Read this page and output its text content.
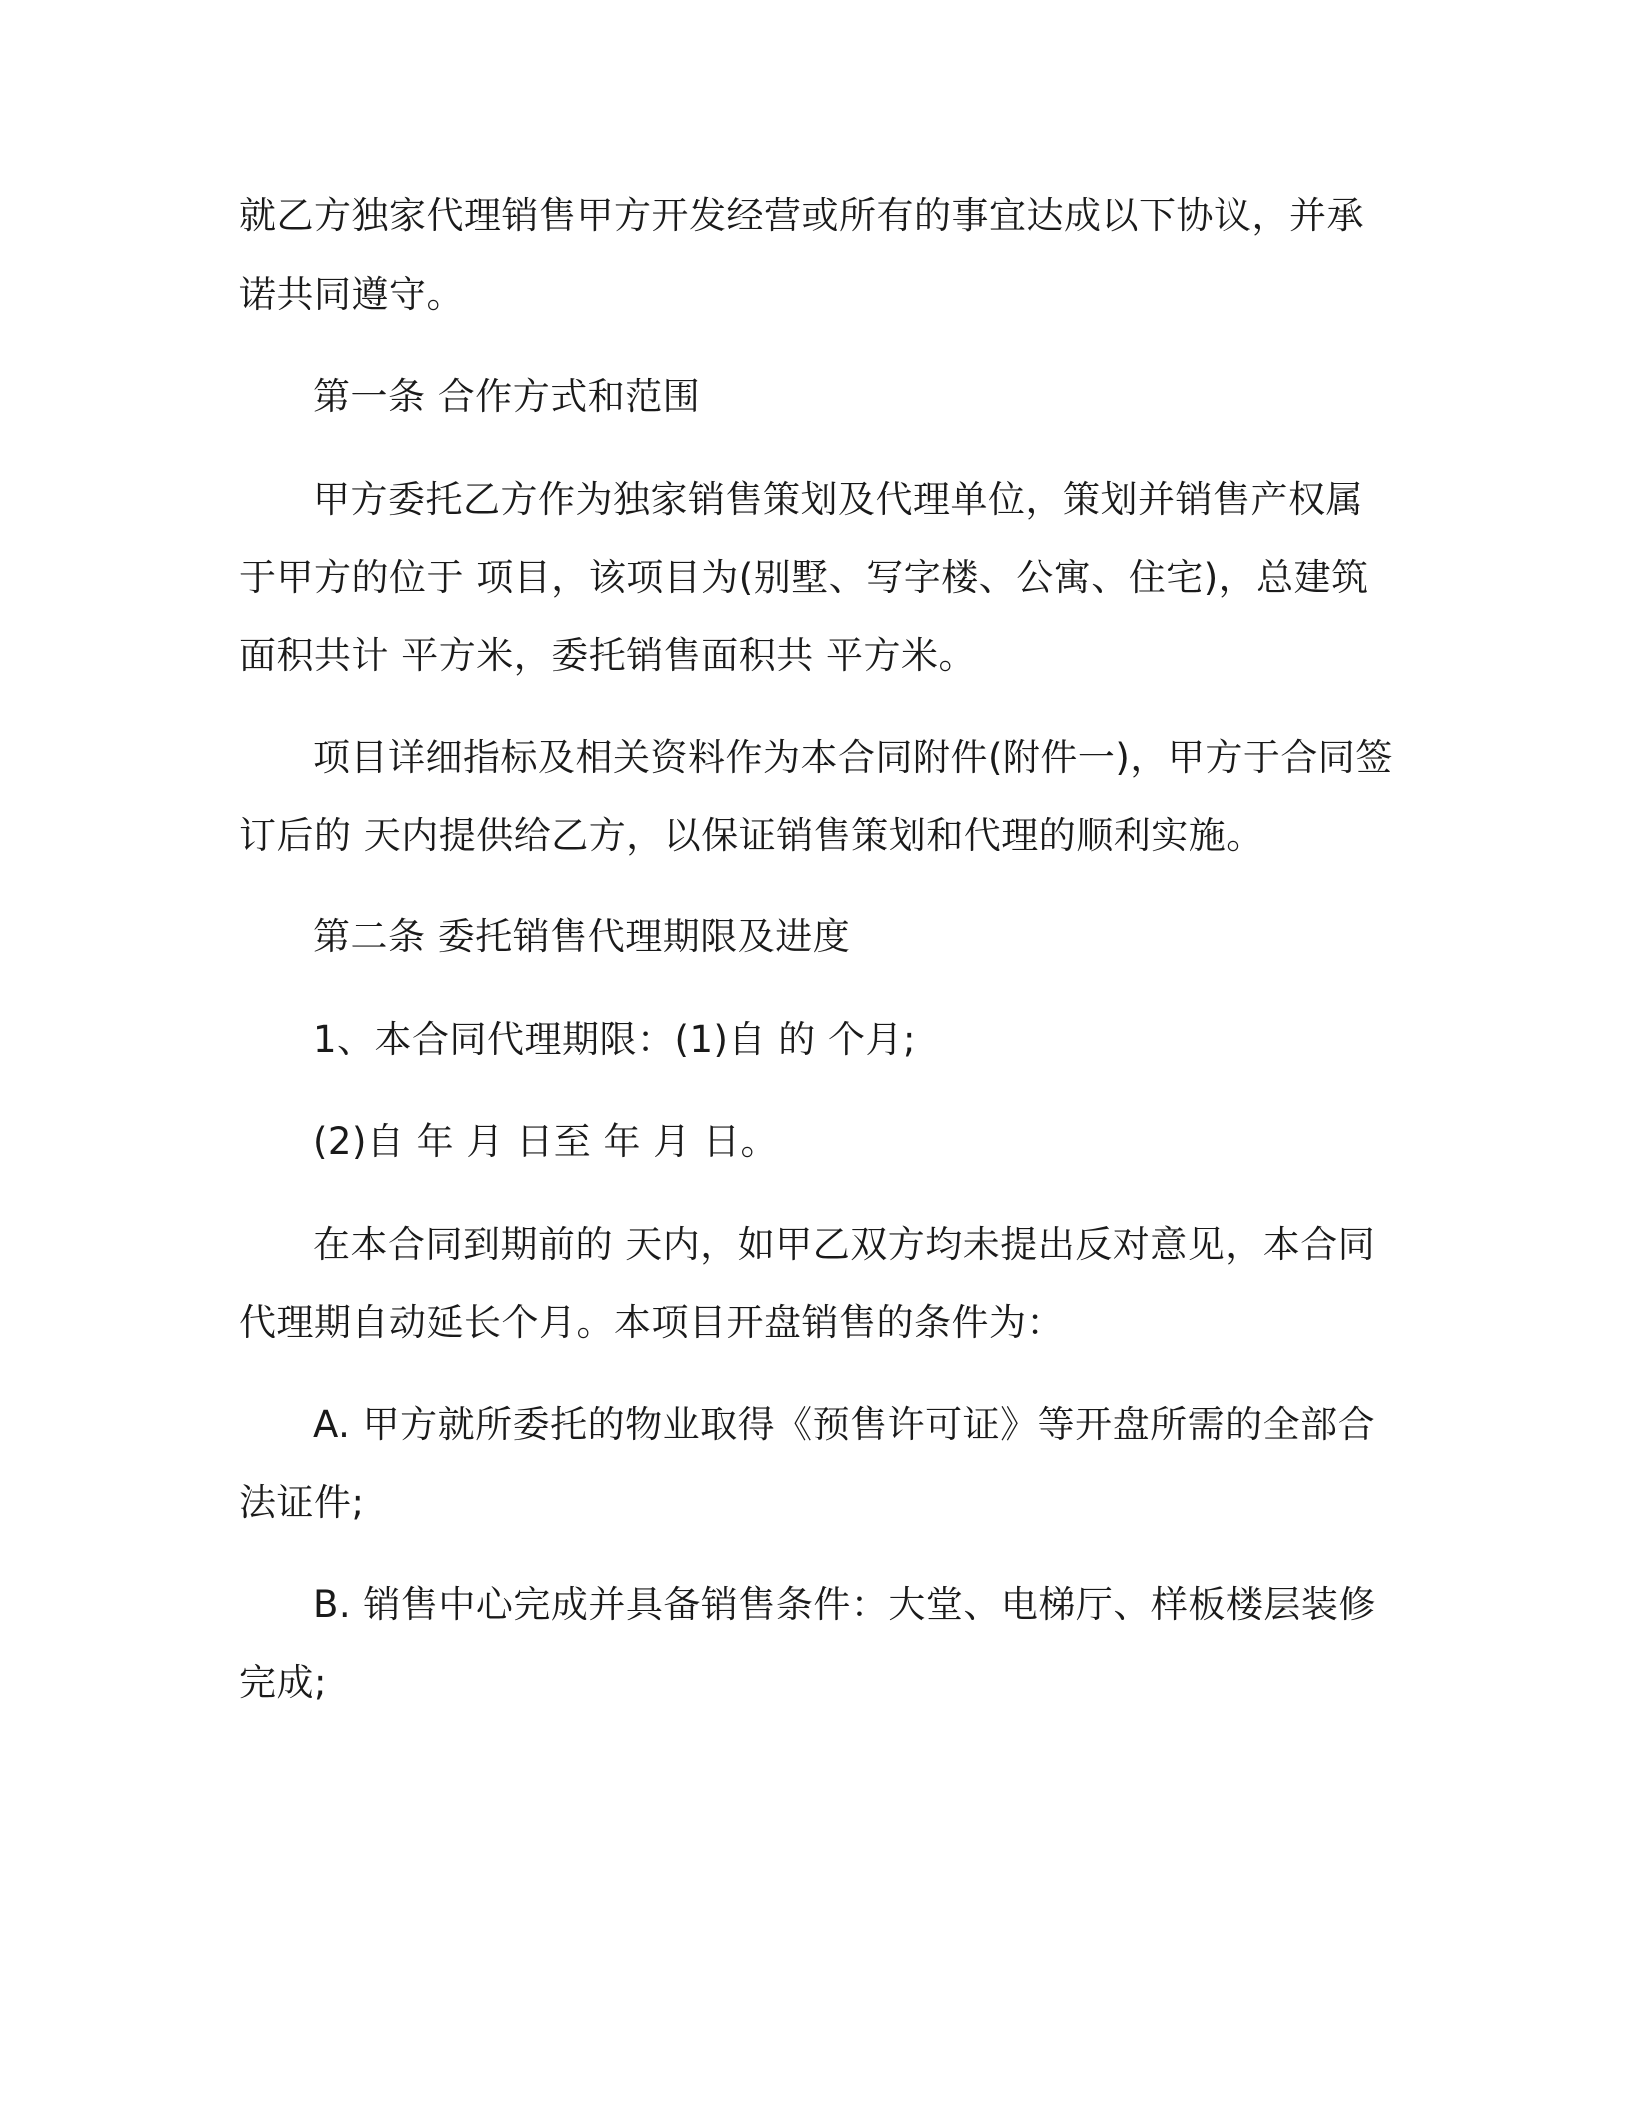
就乙方独家代理销售甲方开发经营或所有的事宜达成以下协议，并承

诺共同遵守。

第一条 合作方式和范围

甲方委托乙方作为独家销售策划及代理单位，策划并销售产权属

于甲方的位于 项目，该项目为(别墅、写字楼、公寓、住宅)，总建筑

面积共计 平方米，委托销售面积共 平方米。

项目详细指标及相关资料作为本合同附件(附件一)，甲方于合同签

订后的 天内提供给乙方，以保证销售策划和代理的顺利实施。

第二条 委托销售代理期限及进度

1、本合同代理期限：(1)自 的 个月;

(2)自 年 月 日至 年 月 日。

在本合同到期前的 天内，如甲乙双方均未提出反对意见，本合同

代理期自动延长个月。本项目开盘销售的条件为：

A. 甲方就所委托的物业取得《预售许可证》等开盘所需的全部合

法证件;

B. 销售中心完成并具备销售条件：大堂、电梯厅、样板楼层装修

完成;
